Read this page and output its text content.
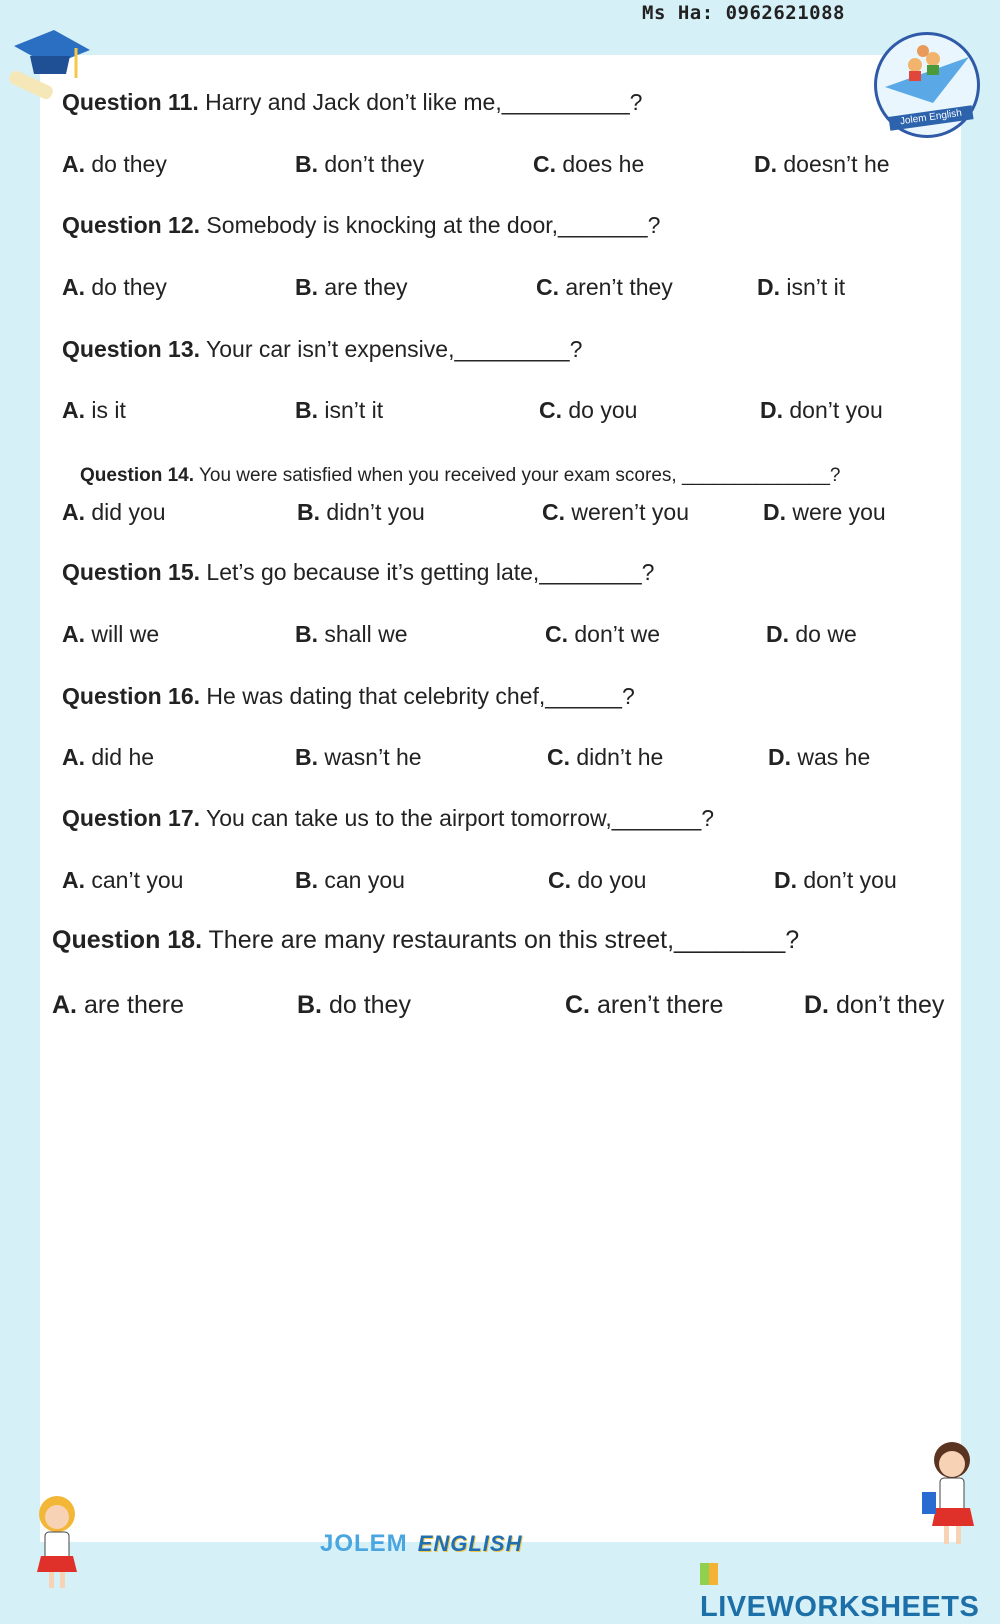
Ms Ha: 0962621088
Jolem English
Question 11. Harry and Jack don’t like me,__________?
A. do they	B. don’t they	C. does he	D. doesn’t he
Question 12. Somebody is knocking at the door,_______?
A. do they	B. are they	C. aren’t they	D. isn’t it
Question 13. Your car isn’t expensive,_________?
A. is it	B. isn’t it	C. do you	D. don’t you
Question 14. You were satisfied when you received your exam scores, ______________?
A. did you	B. didn’t you	C. weren’t you	D. were you
Question 15. Let’s go because it’s getting late,________?
A. will we	B. shall we	C. don’t we	D. do we
Question 16. He was dating that celebrity chef,______?
A. did he	B. wasn’t he	C. didn’t he	D. was he
Question 17. You can take us to the airport tomorrow,_______?
A. can’t you	B. can you	C. do you	D. don’t you
Question 18. There are many restaurants on this street,________?
A. are there	B. do they	C. aren’t there	D. don’t they
JOLEM ENGLISH
LIVEWORKSHEETS
